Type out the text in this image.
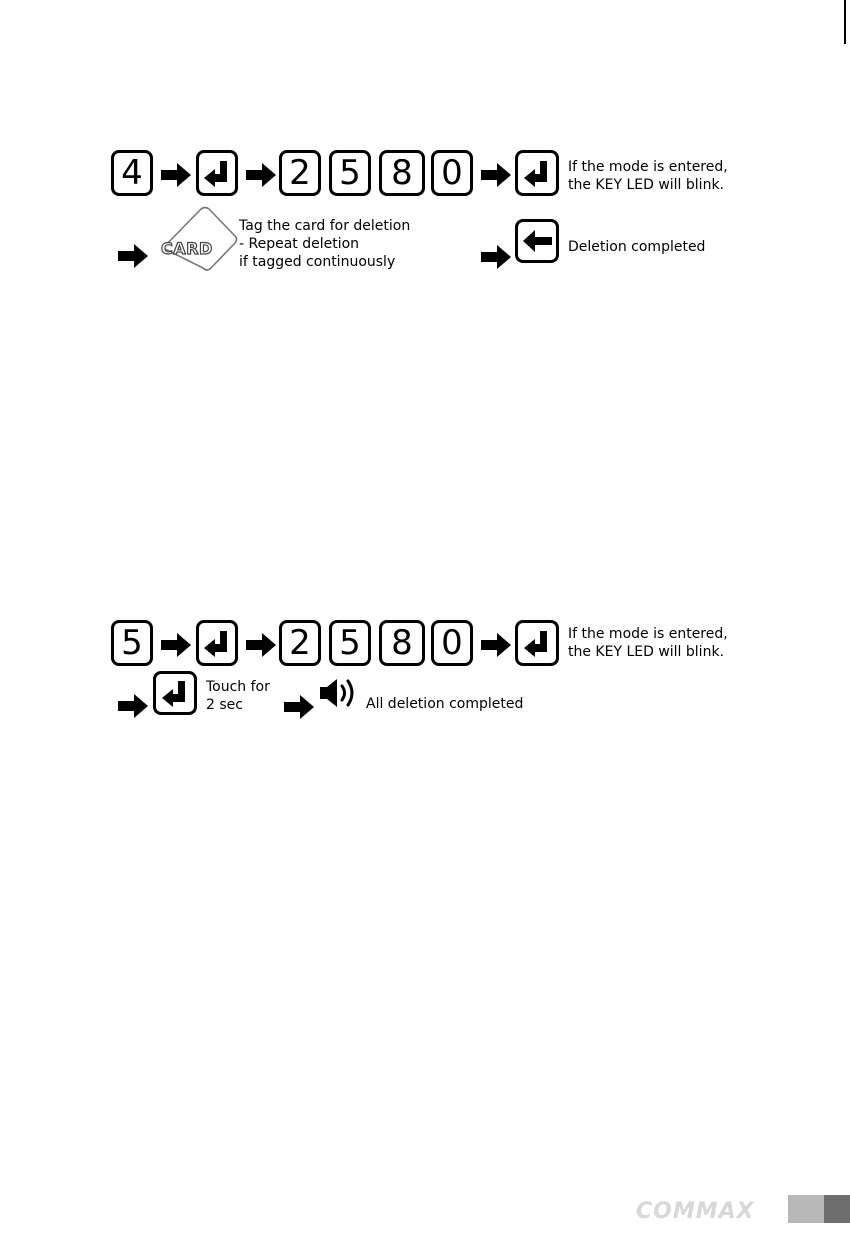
4	2 5 8 0	If the mode is entered,
the KEY LED will blink.
CARD
Tag the card for deletion
- Repeat deletion
if tagged continuously
Deletion completed
5	2 5 8 0	If the mode is entered,
the KEY LED will blink.
Touch for
2 sec	All deletion completed
COMMAX
